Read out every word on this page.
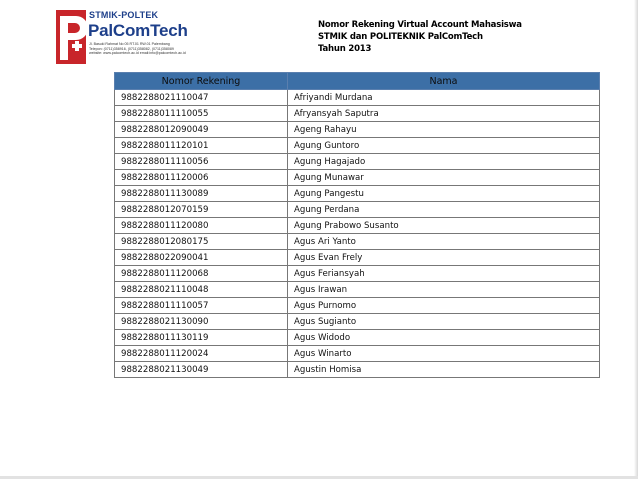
STMIK-POLTEK
PalComTech
Jl. Basuki Rahmat No 05 RT.01 RW.01 Palembang
Telepon: (0711)358916, (0711)358082, (0711)358089
website: www.palcomtech.ac.id email:info@palcomtech.ac.id
Nomor Rekening Virtual Account Mahasiswa
STMIK dan POLITEKNIK PalComTech
Tahun 2013
Nomor Rekening	Nama
9882288021110047	Afriyandi Murdana
9882288011110055	Afryansyah Saputra
9882288012090049	Ageng Rahayu
9882288011120101	Agung Guntoro
9882288011110056	Agung Hagajado
9882288011120006	Agung Munawar
9882288011130089	Agung Pangestu
9882288012070159	Agung Perdana
9882288011120080	Agung Prabowo Susanto
9882288012080175	Agus Ari Yanto
9882288022090041	Agus Evan Frely
9882288011120068	Agus Feriansyah
9882288021110048	Agus Irawan
9882288011110057	Agus Purnomo
9882288021130090	Agus Sugianto
9882288011130119	Agus Widodo
9882288011120024	Agus Winarto
9882288021130049	Agustin Homisa
